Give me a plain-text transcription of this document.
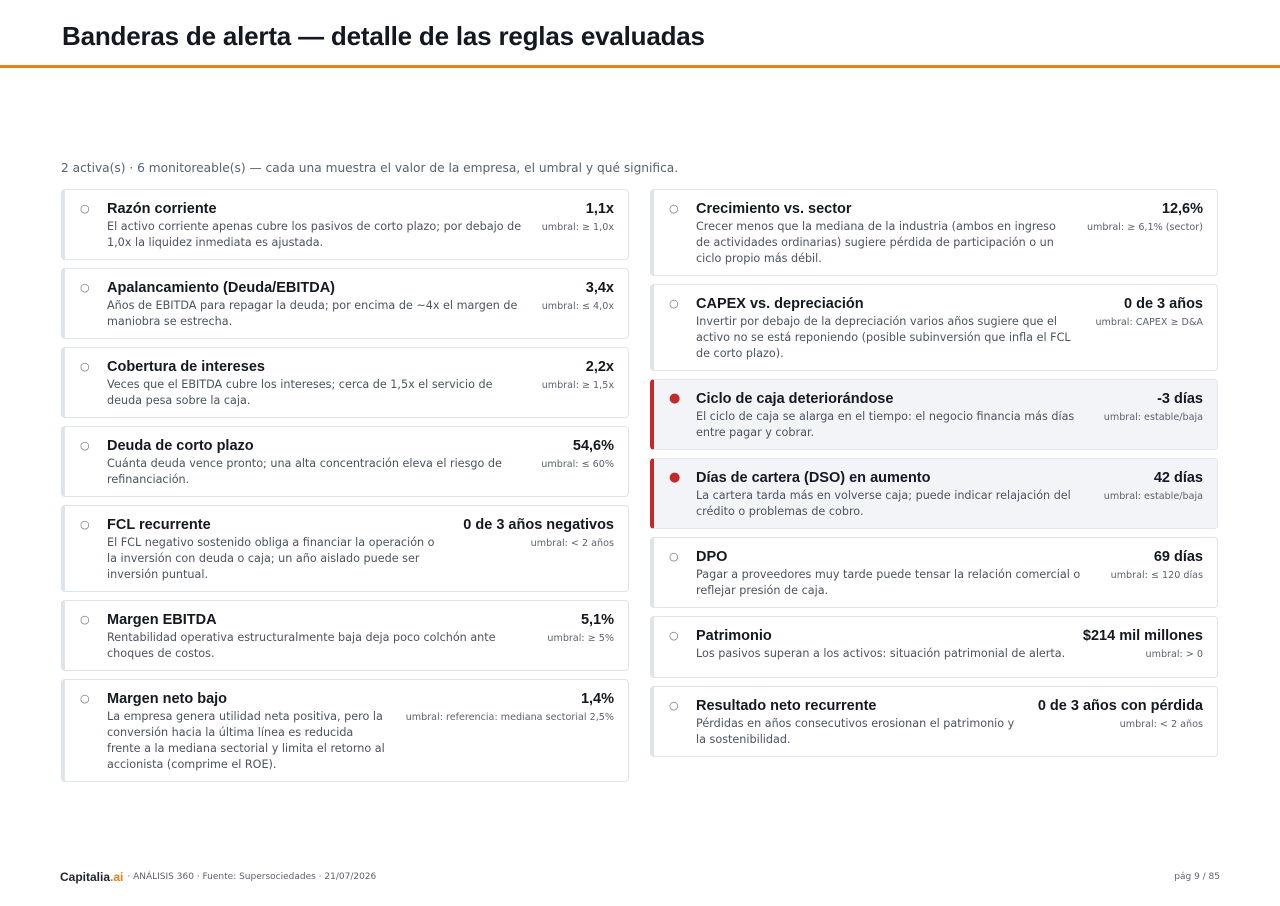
Banderas de alerta — detalle de las reglas evaluadas

2 activa(s) · 6 monitoreable(s) — cada una muestra el valor de la empresa, el umbral y qué significa.

○ Razón corriente
El activo corriente apenas cubre los pasivos de corto plazo; por debajo de 1,0x la liquidez inmediata es ajustada.
1,1x
umbral: ≥ 1,0x
○ Apalancamiento (Deuda/EBITDA)
Años de EBITDA para repagar la deuda; por encima de ~4x el margen de maniobra se estrecha.
3,4x
umbral: ≤ 4,0x
○ Cobertura de intereses
Veces que el EBITDA cubre los intereses; cerca de 1,5x el servicio de deuda pesa sobre la caja.
2,2x
umbral: ≥ 1,5x
○ Deuda de corto plazo
Cuánta deuda vence pronto; una alta concentración eleva el riesgo de refinanciación.
54,6%
umbral: ≤ 60%
○ FCL recurrente
El FCL negativo sostenido obliga a financiar la operación o la inversión con deuda o caja; un año aislado puede ser inversión puntual.
0 de 3 años negativos
umbral: < 2 años
○ Margen EBITDA
Rentabilidad operativa estructuralmente baja deja poco colchón ante choques de costos.
5,1%
umbral: ≥ 5%
○ Margen neto bajo
La empresa genera utilidad neta positiva, pero la conversión hacia la última línea es reducida frente a la mediana sectorial y limita el retorno al accionista (comprime el ROE).
1,4%
umbral: referencia: mediana sectorial 2,5%
○ Crecimiento vs. sector
Crecer menos que la mediana de la industria (ambos en ingreso de actividades ordinarias) sugiere pérdida de participación o un ciclo propio más débil.
12,6%
umbral: ≥ 6,1% (sector)
○ CAPEX vs. depreciación
Invertir por debajo de la depreciación varios años sugiere que el activo no se está reponiendo (posible subinversión que infla el FCL de corto plazo).
0 de 3 años
umbral: CAPEX ≥ D&A
● Ciclo de caja deteriorándose
El ciclo de caja se alarga en el tiempo: el negocio financia más días entre pagar y cobrar.
-3 días
umbral: estable/baja
● Días de cartera (DSO) en aumento
La cartera tarda más en volverse caja; puede indicar relajación del crédito o problemas de cobro.
42 días
umbral: estable/baja
○ DPO
Pagar a proveedores muy tarde puede tensar la relación comercial o reflejar presión de caja.
69 días
umbral: ≤ 120 días
○ Patrimonio
Los pasivos superan a los activos: situación patrimonial de alerta.
$214 mil millones
umbral: > 0
○ Resultado neto recurrente
Pérdidas en años consecutivos erosionan el patrimonio y la sostenibilidad.
0 de 3 años con pérdida
umbral: < 2 años
Capitalia.ai · ANÁLISIS 360 · Fuente: Supersociedades · 21/07/2026	pág 9 / 85
